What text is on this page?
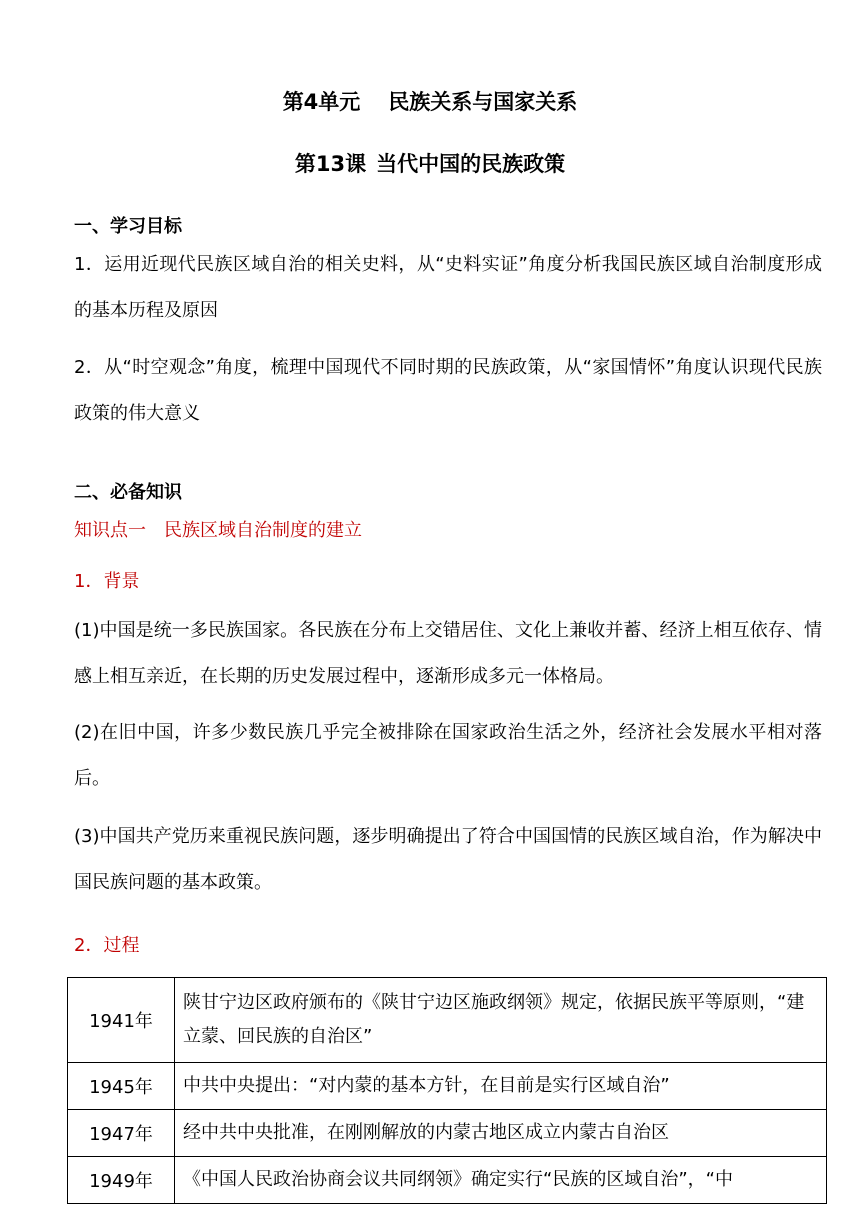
第4单元 民族关系与国家关系
第13课 当代中国的民族政策
一、学习目标

1．运用近现代民族区域自治的相关史料，从“史料实证”角度分析我国民族区域自治制度形成的基本历程及原因

2．从“时空观念”角度，梳理中国现代不同时期的民族政策，从“家国情怀”角度认识现代民族政策的伟大意义

二、必备知识
知识点一 民族区域自治制度的建立
1．背景

(1)中国是统一多民族国家。各民族在分布上交错居住、文化上兼收并蓄、经济上相互依存、情感上相互亲近，在长期的历史发展过程中，逐渐形成多元一体格局。

(2)在旧中国，许多少数民族几乎完全被排除在国家政治生活之外，经济社会发展水平相对落后。

(3)中国共产党历来重视民族问题，逐步明确提出了符合中国国情的民族区域自治，作为解决中国民族问题的基本政策。

2．过程
1941年	陕甘宁边区政府颁布的《陕甘宁边区施政纲领》规定，依据民族平等原则，“建立蒙、回民族的自治区”
1945年	中共中央提出：“对内蒙的基本方针，在目前是实行区域自治”
1947年	经中共中央批准，在刚刚解放的内蒙古地区成立内蒙古自治区
1949年	《中国人民政治协商会议共同纲领》确定实行“民族的区域自治”，“中
